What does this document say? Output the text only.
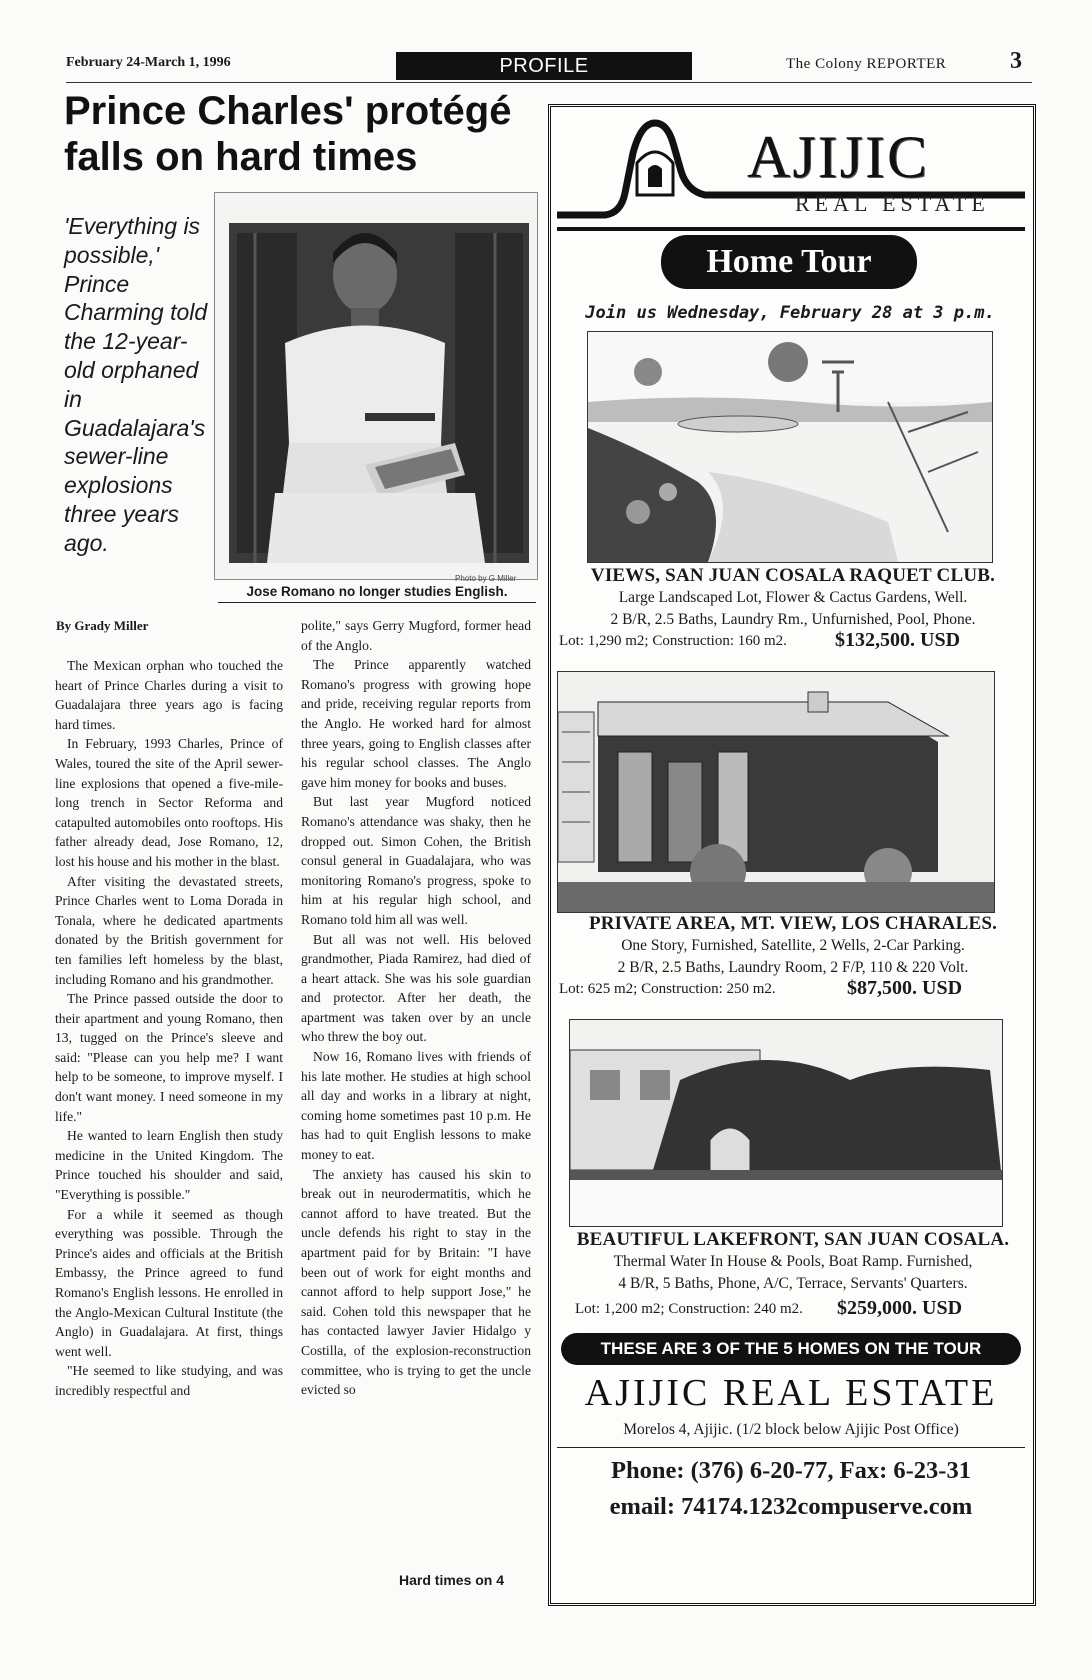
February 24-March 1, 1996	PROFILE	The Colony REPORTER	3
Prince Charles' protégé
falls on hard times
'Everything is possible,' Prince Charming told the 12-year-old orphaned in Guadalajara's sewer-line explosions three years ago.
Photo by G Miller
Jose Romano no longer studies English.
By Grady Miller

The Mexican orphan who touched the heart of Prince Charles during a visit to Guadalajara three years ago is facing hard times.

In February, 1993 Charles, Prince of Wales, toured the site of the April sewer-line explosions that opened a five-mile-long trench in Sector Reforma and catapulted automobiles onto rooftops. His father already dead, Jose Romano, 12, lost his house and his mother in the blast.

After visiting the devastated streets, Prince Charles went to Loma Dorada in Tonala, where he dedicated apartments donated by the British government for ten families left homeless by the blast, including Romano and his grandmother.

The Prince passed outside the door to their apartment and young Romano, then 13, tugged on the Prince's sleeve and said: "Please can you help me? I want help to be someone, to improve myself. I don't want money. I need someone in my life."

He wanted to learn English then study medicine in the United Kingdom. The Prince touched his shoulder and said, "Everything is possible."

For a while it seemed as though everything was possible. Through the Prince's aides and officials at the British Embassy, the Prince agreed to fund Romano's English lessons. He enrolled in the Anglo-Mexican Cultural Institute (the Anglo) in Guadalajara. At first, things went well.

"He seemed to like studying, and was incredibly respectful and

polite," says Gerry Mugford, former head of the Anglo.

The Prince apparently watched Romano's progress with growing hope and pride, receiving regular reports from the Anglo. He worked hard for almost three years, going to English classes after his regular school classes. The Anglo gave him money for books and buses.

But last year Mugford noticed Romano's attendance was shaky, then he dropped out. Simon Cohen, the British consul general in Guadalajara, who was monitoring Romano's progress, spoke to him at his regular high school, and Romano told him all was well.

But all was not well. His beloved grandmother, Piada Ramirez, had died of a heart attack. She was his sole guardian and protector. After her death, the apartment was taken over by an uncle who threw the boy out.

Now 16, Romano lives with friends of his late mother. He studies at high school all day and works in a library at night, coming home sometimes past 10 p.m. He has had to quit English lessons to make money to eat.

The anxiety has caused his skin to break out in neurodermatitis, which he cannot afford to have treated. But the uncle defends his right to stay in the apartment paid for by Britain: "I have been out of work for eight months and cannot afford to help support Jose," he said. Cohen told this newspaper that he has contacted lawyer Javier Hidalgo y Costilla, of the explosion-reconstruction committee, who is trying to get the uncle evicted so

Hard times on 4
AJIJIC
REAL ESTATE
Home Tour
Join us Wednesday, February 28 at 3 p.m.
VIEWS, SAN JUAN COSALA RAQUET CLUB.
Large Landscaped Lot, Flower & Cactus Gardens, Well.
2 B/R, 2.5 Baths, Laundry Rm., Unfurnished, Pool, Phone.
Lot: 1,290 m2; Construction: 160 m2. $132,500. USD
PRIVATE AREA, MT. VIEW, LOS CHARALES.
One Story, Furnished, Satellite, 2 Wells, 2-Car Parking.
2 B/R, 2.5 Baths, Laundry Room, 2 F/P, 110 & 220 Volt.
Lot: 625 m2; Construction: 250 m2.	$87,500. USD
BEAUTIFUL LAKEFRONT, SAN JUAN COSALA.
Thermal Water In House & Pools, Boat Ramp. Furnished,
4 B/R, 5 Baths, Phone, A/C, Terrace, Servants' Quarters.
Lot: 1,200 m2; Construction: 240 m2. $259,000. USD
THESE ARE 3 OF THE 5 HOMES ON THE TOUR
AJIJIC REAL ESTATE
Morelos 4, Ajijic. (1/2 block below Ajijic Post Office)
Phone: (376) 6-20-77, Fax: 6-23-31
email: 74174.1232compuserve.com
